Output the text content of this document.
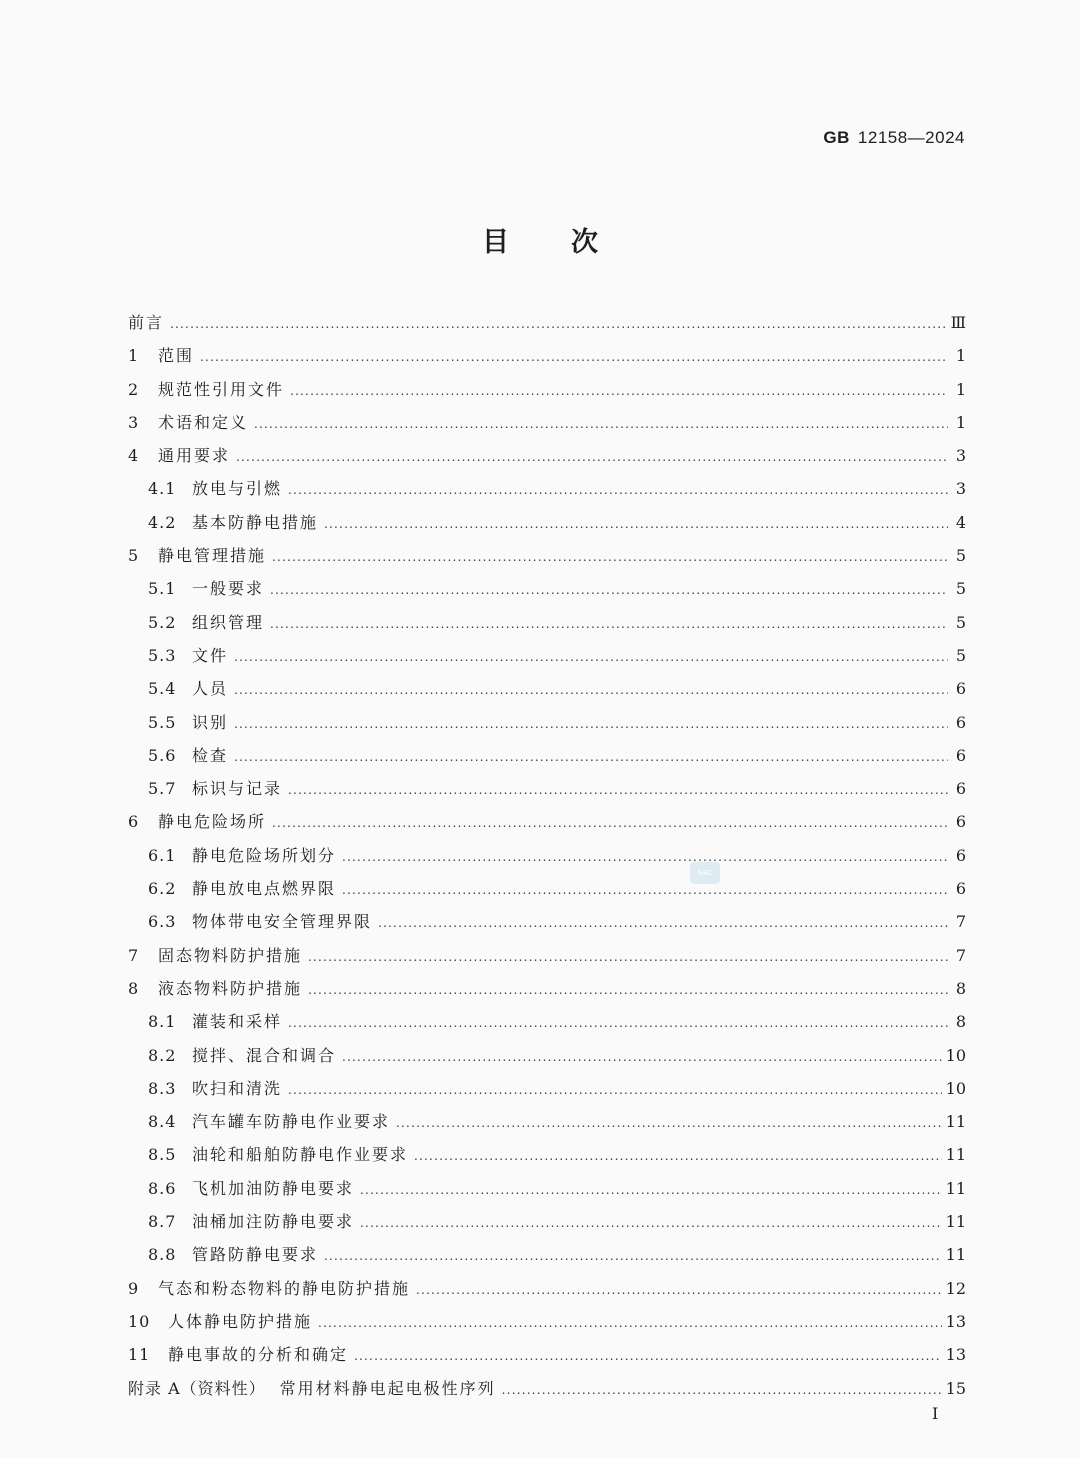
GB 12158—2024
目次
前言 .....	Ⅲ
1	范围 .....	1
2	规范性引用文件 .....	1
3	术语和定义 .....	1
4	通用要求 .....	3
4.1 放电与引燃 .....	3
4.2 基本防静电措施 .....	4
5	静电管理措施 .....	5
5.1 一般要求 .....	5
5.2 组织管理 .....	5
5.3 文件 .....	5
5.4 人员 .....	6
5.5 识别 .....	6
5.6 检查 .....	6
5.7 标识与记录 .....	6
6	静电危险场所 .....	6
6.1 静电危险场所划分 .....	6
6.2 静电放电点燃界限 .....	6
6.3 物体带电安全管理界限 .....	7
7	固态物料防护措施 .....	7
8	液态物料防护措施 .....	8
8.1 灌装和采样 .....	8
8.2 搅拌、混合和调合 .....	10
8.3 吹扫和清洗 .....	10
8.4 汽车罐车防静电作业要求 .....	11
8.5 油轮和船舶防静电作业要求 .....	11
8.6 飞机加油防静电要求 .....	11
8.7 油桶加注防静电要求 .....	11
8.8 管路防静电要求 .....	11
9	气态和粉态物料的静电防护措施 .....	12
10	人体静电防护措施 .....	13
11	静电事故的分析和确定 .....	13
附录 A（资料性） 常用材料静电起电极性序列 .....	15
sac
I
